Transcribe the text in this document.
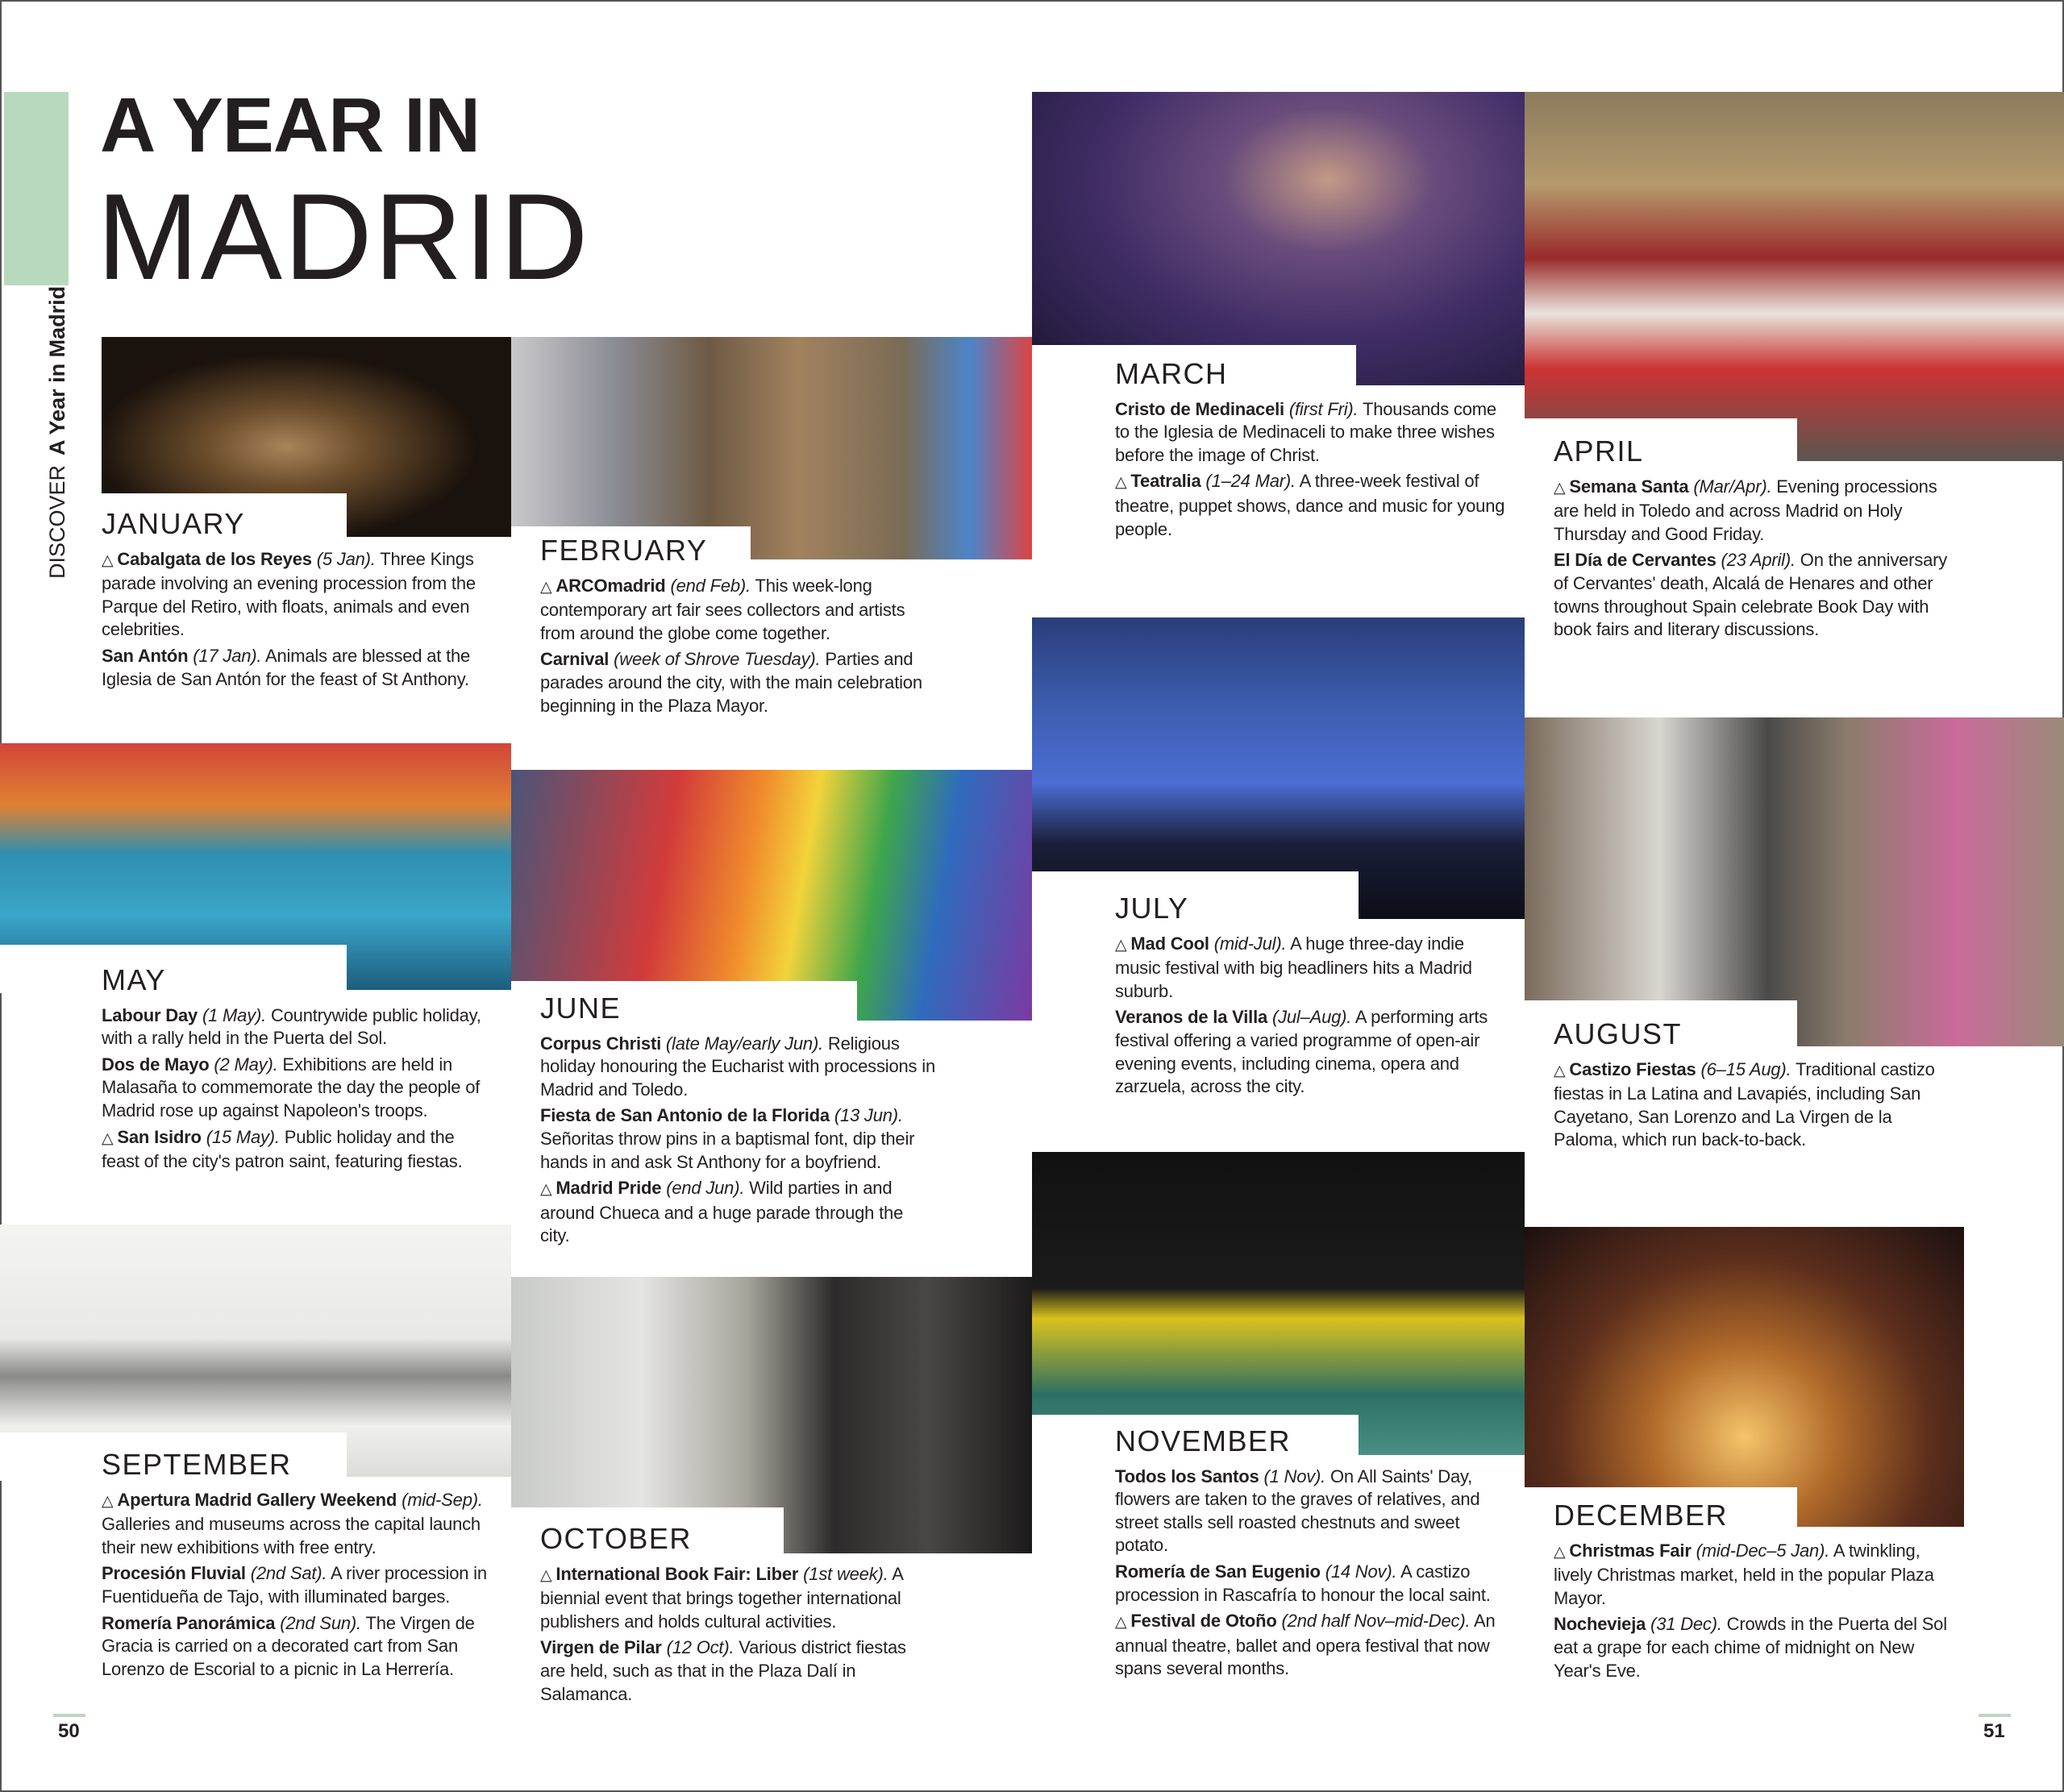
A YEAR IN
MADRID
DISCOVERA Year in Madrid
JANUARY

△ Cabalgata de los Reyes (5 Jan). Three Kings parade involving an evening procession from the Parque del Retiro, with floats, animals and even celebrities.

San Antón (17 Jan). Animals are blessed at the Iglesia de San Antón for the feast of St Anthony.

FEBRUARY

△ ARCOmadrid (end Feb). This week-long contemporary art fair sees collectors and artists from around the globe come together.

Carnival (week of Shrove Tuesday). Parties and parades around the city, with the main celebration beginning in the Plaza Mayor.

MARCH

Cristo de Medinaceli (first Fri). Thousands come to the Iglesia de Medinaceli to make three wishes before the image of Christ.

△ Teatralia (1–24 Mar). A three-week festival of theatre, puppet shows, dance and music for young people.

APRIL

△ Semana Santa (Mar/Apr). Evening processions are held in Toledo and across Madrid on Holy Thursday and Good Friday.

El Día de Cervantes (23 April). On the anniversary of Cervantes' death, Alcalá de Henares and other towns throughout Spain celebrate Book Day with book fairs and literary discussions.

MAY

Labour Day (1 May). Countrywide public holiday, with a rally held in the Puerta del Sol.

Dos de Mayo (2 May). Exhibitions are held in Malasaña to commemorate the day the people of Madrid rose up against Napoleon's troops.

△ San Isidro (15 May). Public holiday and the feast of the city's patron saint, featuring fiestas.

JUNE

Corpus Christi (late May/early Jun). Religious holiday honouring the Eucharist with processions in Madrid and Toledo.

Fiesta de San Antonio de la Florida (13 Jun). Señoritas throw pins in a baptismal font, dip their hands in and ask St Anthony for a boyfriend.

△ Madrid Pride (end Jun). Wild parties in and around Chueca and a huge parade through the city.

JULY

△ Mad Cool (mid-Jul). A huge three-day indie music festival with big headliners hits a Madrid suburb.

Veranos de la Villa (Jul–Aug). A performing arts festival offering a varied programme of open-air evening events, including cinema, opera and zarzuela, across the city.

AUGUST

△ Castizo Fiestas (6–15 Aug). Traditional castizo fiestas in La Latina and Lavapiés, including San Cayetano, San Lorenzo and La Virgen de la Paloma, which run back-to-back.

SEPTEMBER

△ Apertura Madrid Gallery Weekend (mid-Sep). Galleries and museums across the capital launch their new exhibitions with free entry.

Procesión Fluvial (2nd Sat). A river procession in Fuentidueña de Tajo, with illuminated barges.

Romería Panorámica (2nd Sun). The Virgen de Gracia is carried on a decorated cart from San Lorenzo de Escorial to a picnic in La Herrería.

OCTOBER

△ International Book Fair: Liber (1st week). A biennial event that brings together international publishers and holds cultural activities.

Virgen de Pilar (12 Oct). Various district fiestas are held, such as that in the Plaza Dalí in Salamanca.

NOVEMBER

Todos los Santos (1 Nov). On All Saints' Day, flowers are taken to the graves of relatives, and street stalls sell roasted chestnuts and sweet potato.

Romería de San Eugenio (14 Nov). A castizo procession in Rascafría to honour the local saint.

△ Festival de Otoño (2nd half Nov–mid-Dec). An annual theatre, ballet and opera festival that now spans several months.

DECEMBER

△ Christmas Fair (mid-Dec–5 Jan). A twinkling, lively Christmas market, held in the popular Plaza Mayor.

Nochevieja (31 Dec). Crowds in the Puerta del Sol eat a grape for each chime of midnight on New Year's Eve.

50	51
